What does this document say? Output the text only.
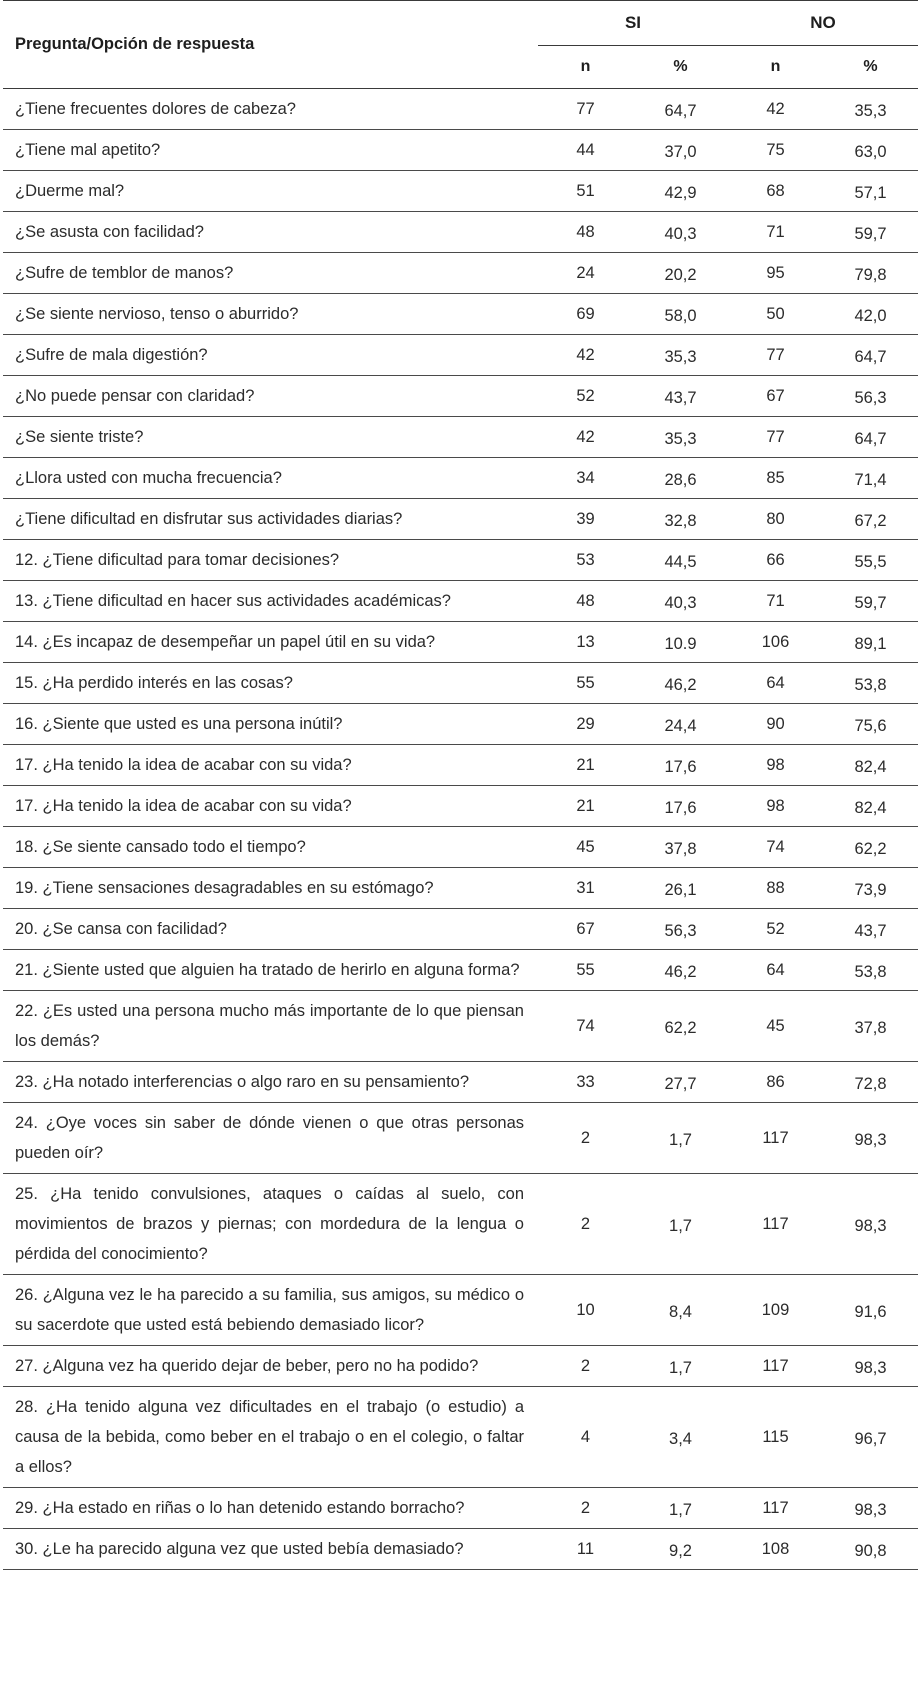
Pregunta/Opción de respuesta	SI		NO	
	n	%	n	%
¿Tiene frecuentes dolores de cabeza?	77	64,7	42	35,3
¿Tiene mal apetito?	44	37,0	75	63,0
¿Duerme mal?	51	42,9	68	57,1
¿Se asusta con facilidad?	48	40,3	71	59,7
¿Sufre de temblor de manos?	24	20,2	95	79,8
¿Se siente nervioso, tenso o aburrido?	69	58,0	50	42,0
¿Sufre de mala digestión?	42	35,3	77	64,7
¿No puede pensar con claridad?	52	43,7	67	56,3
¿Se siente triste?	42	35,3	77	64,7
¿Llora usted con mucha frecuencia?	34	28,6	85	71,4
¿Tiene dificultad en disfrutar sus actividades diarias?	39	32,8	80	67,2
12. ¿Tiene dificultad para tomar decisiones?	53	44,5	66	55,5
13. ¿Tiene dificultad en hacer sus actividades académicas?	48	40,3	71	59,7
14. ¿Es incapaz de desempeñar un papel útil en su vida?	13	10.9	106	89,1
15. ¿Ha perdido interés en las cosas?	55	46,2	64	53,8
16. ¿Siente que usted es una persona inútil?	29	24,4	90	75,6
17. ¿Ha tenido la idea de acabar con su vida?	21	17,6	98	82,4
17. ¿Ha tenido la idea de acabar con su vida?	21	17,6	98	82,4
18. ¿Se siente cansado todo el tiempo?	45	37,8	74	62,2
19. ¿Tiene sensaciones desagradables en su estómago?	31	26,1	88	73,9
20. ¿Se cansa con facilidad?	67	56,3	52	43,7
21. ¿Siente usted que alguien ha tratado de herirlo en alguna forma?	55	46,2	64	53,8
22. ¿Es usted una persona mucho más importante de lo que piensan los demás?	74	62,2	45	37,8
23. ¿Ha notado interferencias o algo raro en su pensamiento?	33	27,7	86	72,8
24. ¿Oye voces sin saber de dónde vienen o que otras personas pueden oír?	2	1,7	117	98,3
25. ¿Ha tenido convulsiones, ataques o caídas al suelo, con movimientos de brazos y piernas; con mordedura de la lengua o pérdida del conocimiento?	2	1,7	117	98,3
26. ¿Alguna vez le ha parecido a su familia, sus amigos, su médico o su sacerdote que usted está bebiendo demasiado licor?	10	8,4	109	91,6
27. ¿Alguna vez ha querido dejar de beber, pero no ha podido?	2	1,7	117	98,3
28. ¿Ha tenido alguna vez dificultades en el trabajo (o estudio) a causa de la bebida, como beber en el trabajo o en el colegio, o faltar a ellos?	4	3,4	115	96,7
29. ¿Ha estado en riñas o lo han detenido estando borracho?	2	1,7	117	98,3
30. ¿Le ha parecido alguna vez que usted bebía demasiado?	11	9,2	108	90,8
